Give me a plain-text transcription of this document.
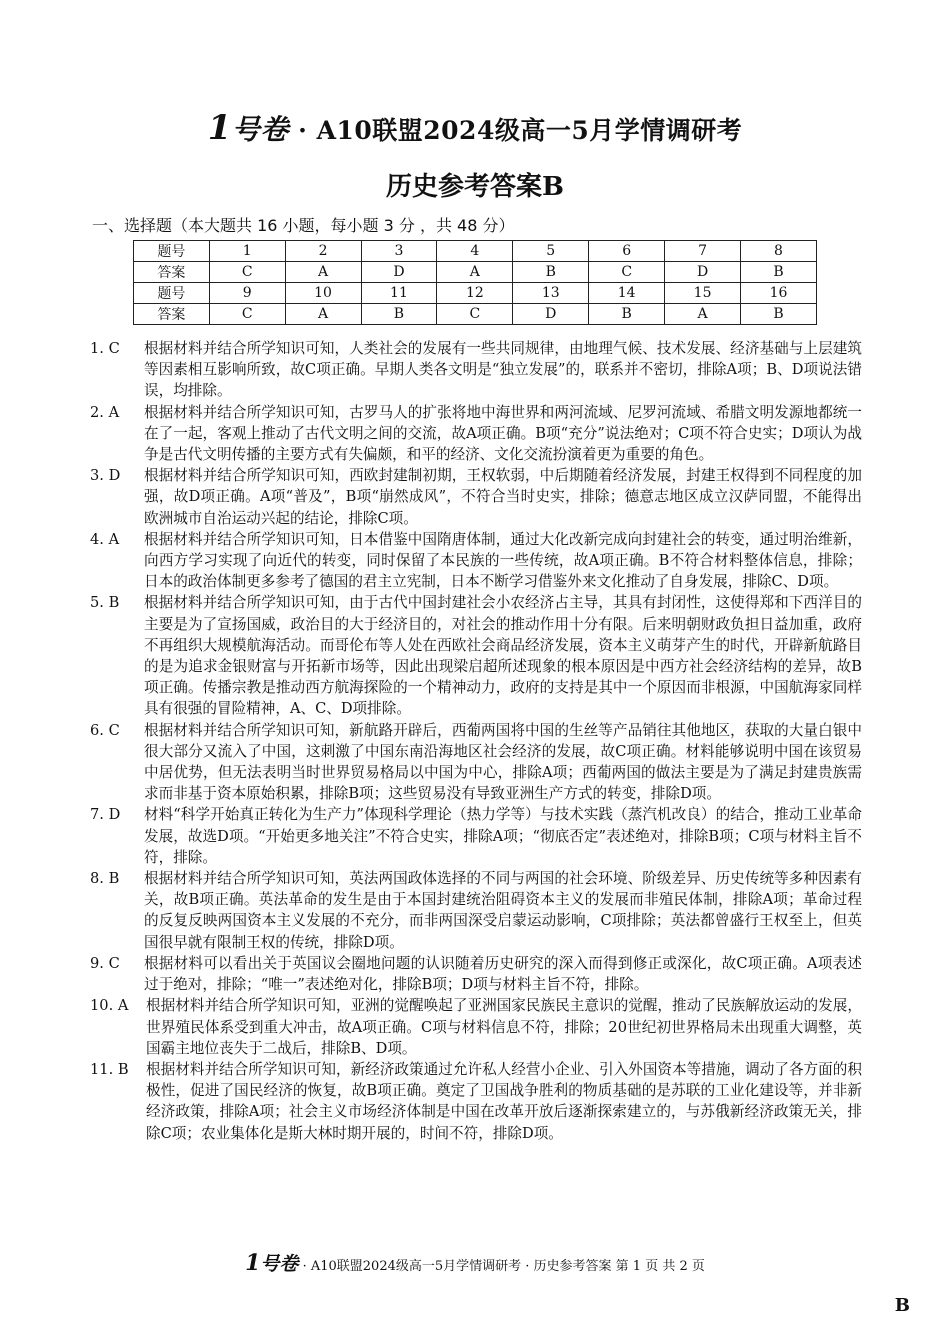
1号卷 · A10联盟2024级高一5月学情调研考
历史参考答案B
一、选择题（本大题共 16 小题，每小题 3 分 ，共 48 分）
题号	1	2	3	4	5	6	7	8
答案	C	A	D	A	B	C	D	B
题号	9	10	11	12	13	14	15	16
答案	C	A	B	C	D	B	A	B
1. C	根据材料并结合所学知识可知，人类社会的发展有一些共同规律，由地理气候、技术发展、经济基础与上层建筑等因素相互影响所致，故C项正确。早期人类各文明是“独立发展”的，联系并不密切，排除A项；B、D项说法错误，均排除。
2. A	根据材料并结合所学知识可知，古罗马人的扩张将地中海世界和两河流域、尼罗河流域、希腊文明发源地都统一在了一起，客观上推动了古代文明之间的交流，故A项正确。B项“充分”说法绝对；C项不符合史实；D项认为战争是古代文明传播的主要方式有失偏颇，和平的经济、文化交流扮演着更为重要的角色。
3. D	根据材料并结合所学知识可知，西欧封建制初期，王权软弱，中后期随着经济发展，封建王权得到不同程度的加强，故D项正确。A项“普及”，B项“崩然成风”，不符合当时史实，排除；德意志地区成立汉萨同盟，不能得出欧洲城市自治运动兴起的结论，排除C项。
4. A	根据材料并结合所学知识可知，日本借鉴中国隋唐体制，通过大化改新完成向封建社会的转变，通过明治维新，向西方学习实现了向近代的转变，同时保留了本民族的一些传统，故A项正确。B不符合材料整体信息，排除；日本的政治体制更多参考了德国的君主立宪制，日本不断学习借鉴外来文化推动了自身发展，排除C、D项。
5. B	根据材料并结合所学知识可知，由于古代中国封建社会小农经济占主导，其具有封闭性，这使得郑和下西洋目的主要是为了宣扬国威，政治目的大于经济目的，对社会的推动作用十分有限。后来明朝财政负担日益加重，政府不再组织大规模航海活动。而哥伦布等人处在西欧社会商品经济发展，资本主义萌芽产生的时代，开辟新航路目的是为追求金银财富与开拓新市场等，因此出现梁启超所述现象的根本原因是中西方社会经济结构的差异，故B项正确。传播宗教是推动西方航海探险的一个精神动力，政府的支持是其中一个原因而非根源，中国航海家同样具有很强的冒险精神，A、C、D项排除。
6. C	根据材料并结合所学知识可知，新航路开辟后，西葡两国将中国的生丝等产品销往其他地区，获取的大量白银中很大部分又流入了中国，这刺激了中国东南沿海地区社会经济的发展，故C项正确。材料能够说明中国在该贸易中居优势，但无法表明当时世界贸易格局以中国为中心，排除A项；西葡两国的做法主要是为了满足封建贵族需求而非基于资本原始积累，排除B项；这些贸易没有导致亚洲生产方式的转变，排除D项。
7. D	材料“科学开始真正转化为生产力”体现科学理论（热力学等）与技术实践（蒸汽机改良）的结合，推动工业革命发展，故选D项。“开始更多地关注”不符合史实，排除A项；“彻底否定”表述绝对，排除B项；C项与材料主旨不符，排除。
8. B	根据材料并结合所学知识可知，英法两国政体选择的不同与两国的社会环境、阶级差异、历史传统等多种因素有关，故B项正确。英法革命的发生是由于本国封建统治阻碍资本主义的发展而非殖民体制，排除A项；革命过程的反复反映两国资本主义发展的不充分，而非两国深受启蒙运动影响，C项排除；英法都曾盛行王权至上，但英国很早就有限制王权的传统，排除D项。
9. C	根据材料可以看出关于英国议会圈地问题的认识随着历史研究的深入而得到修正或深化，故C项正确。A项表述过于绝对，排除；“唯一”表述绝对化，排除B项；D项与材料主旨不符，排除。
10. A	根据材料并结合所学知识可知，亚洲的觉醒唤起了亚洲国家民族民主意识的觉醒，推动了民族解放运动的发展，世界殖民体系受到重大冲击，故A项正确。C项与材料信息不符，排除；20世纪初世界格局未出现重大调整，英国霸主地位丧失于二战后，排除B、D项。
11. B	根据材料并结合所学知识可知，新经济政策通过允许私人经营小企业、引入外国资本等措施，调动了各方面的积极性，促进了国民经济的恢复，故B项正确。奠定了卫国战争胜利的物质基础的是苏联的工业化建设等，并非新经济政策，排除A项；社会主义市场经济体制是中国在改革开放后逐渐探索建立的，与苏俄新经济政策无关，排除C项；农业集体化是斯大林时期开展的，时间不符，排除D项。
1号卷 · A10联盟2024级高一5月学情调研考 · 历史参考答案 第 1 页 共 2 页
B
